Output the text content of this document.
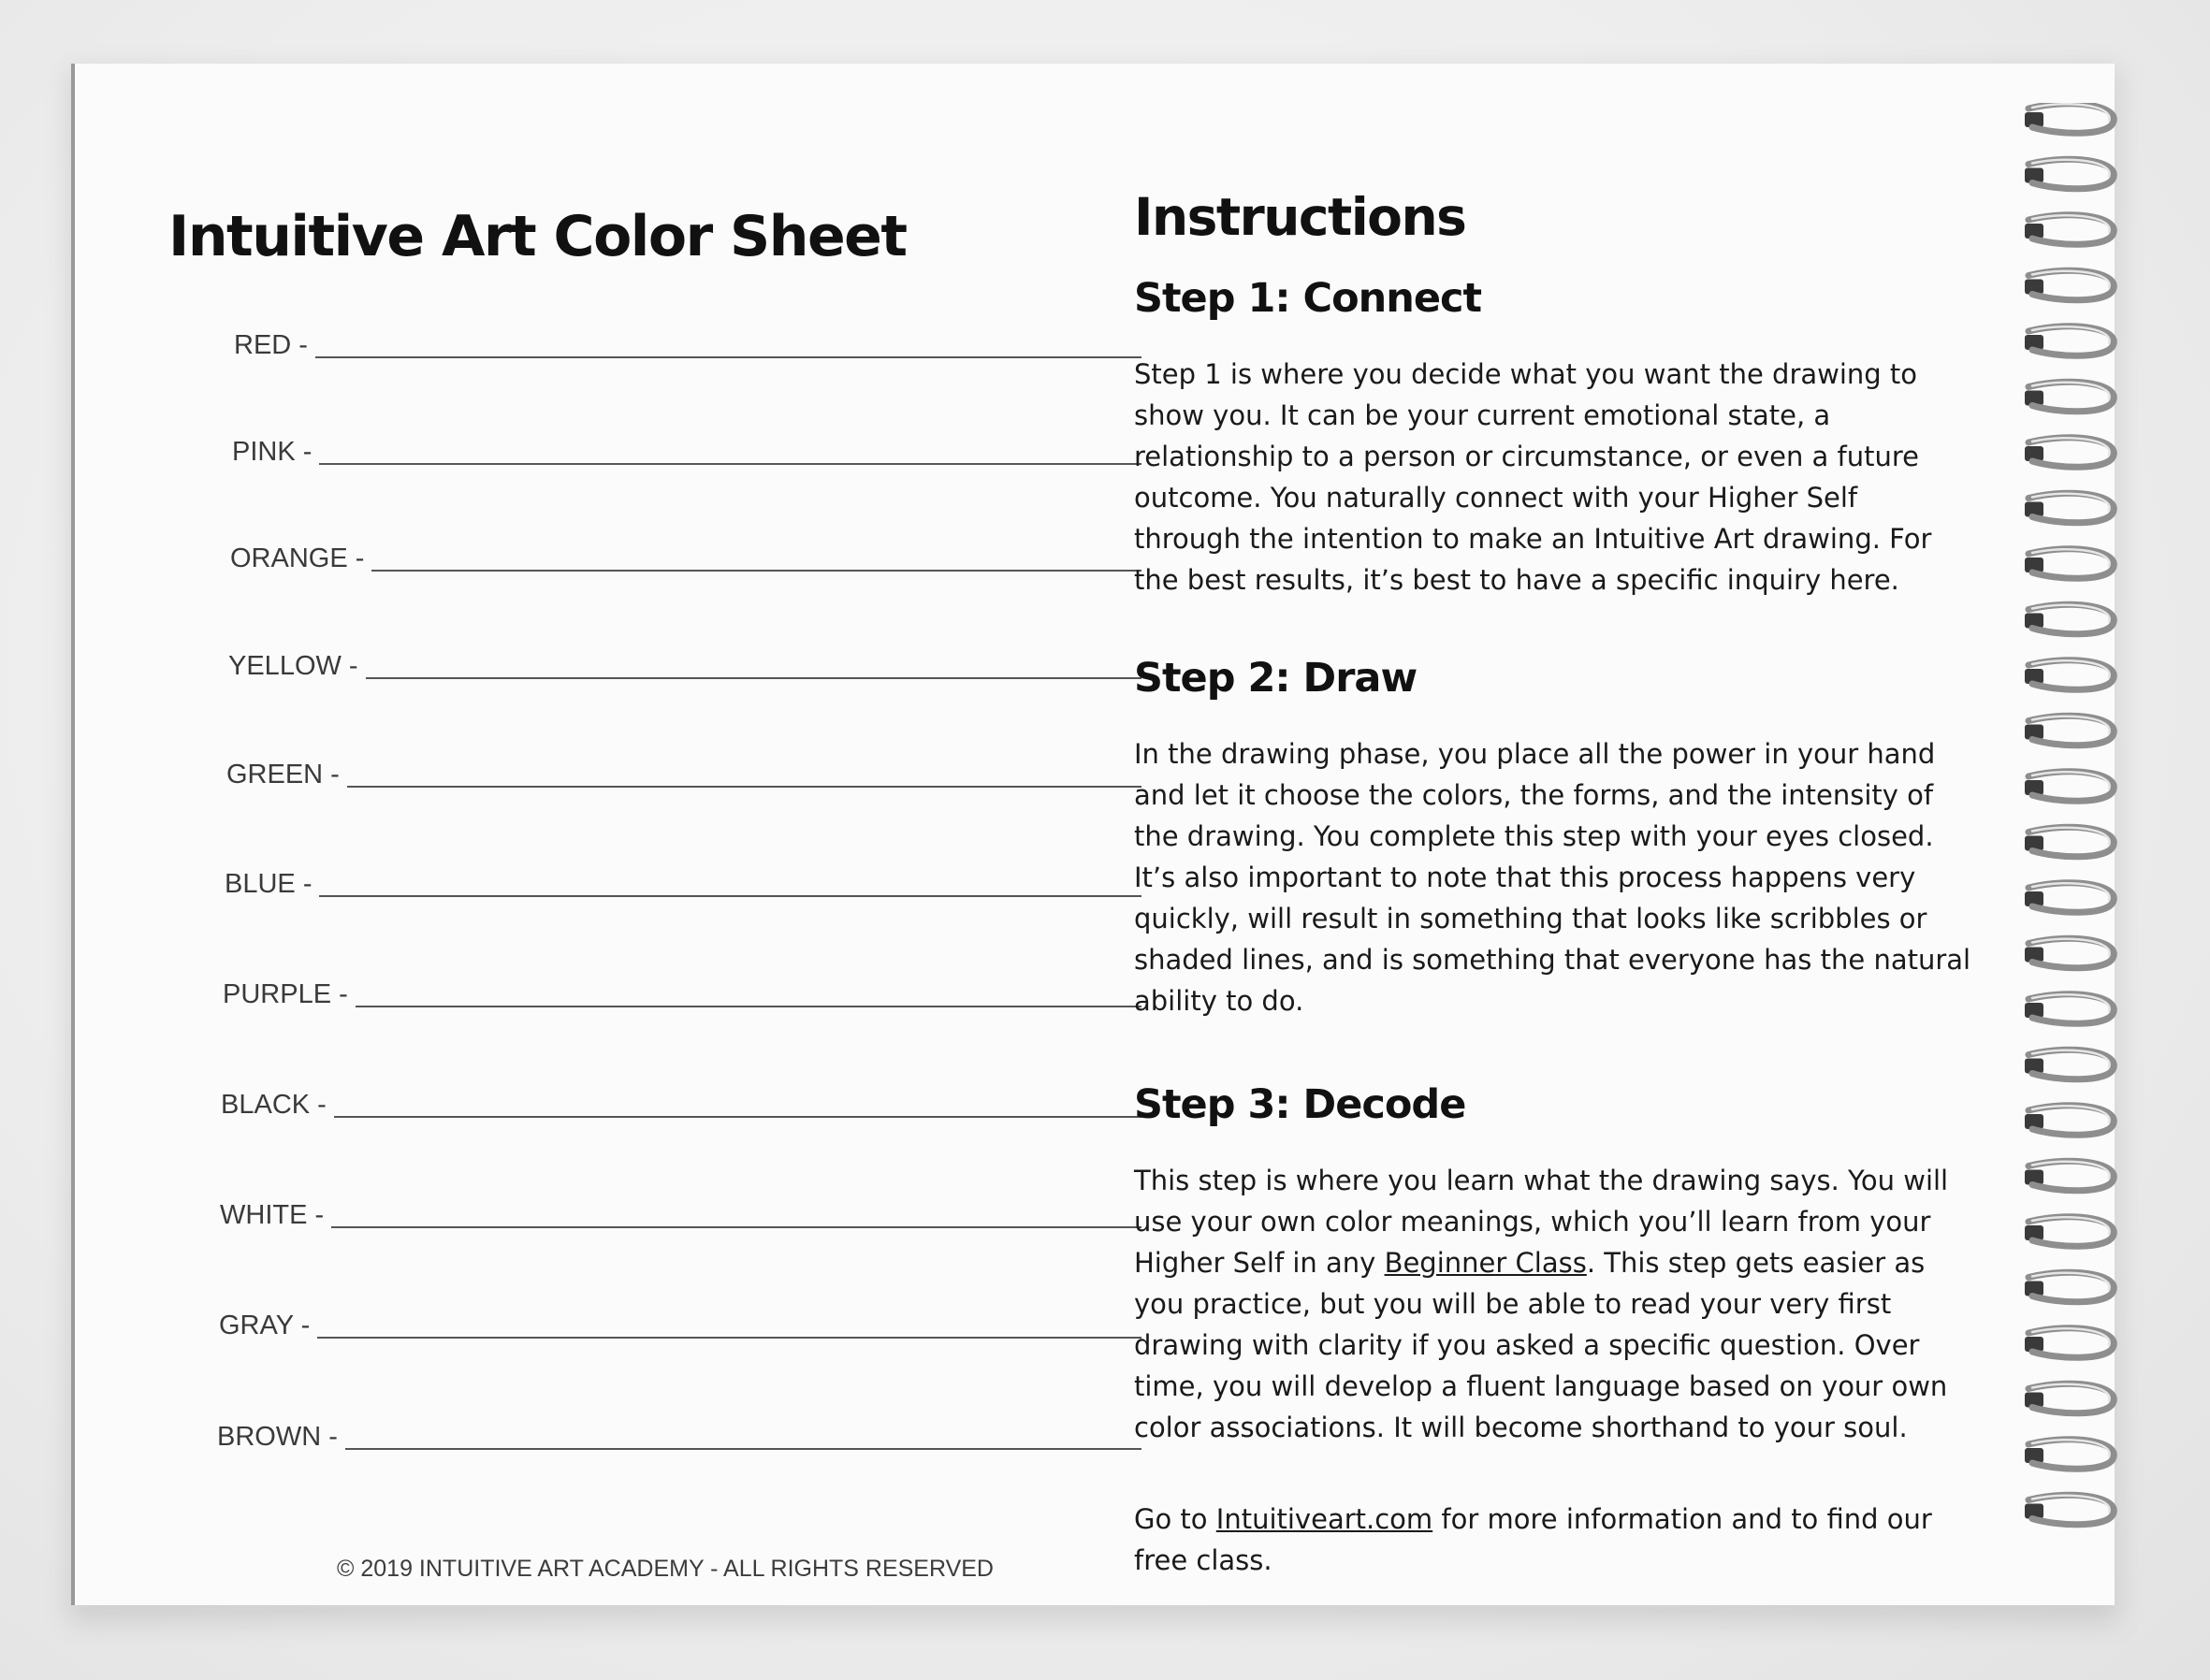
Intuitive Art Color Sheet
RED -
PINK -
ORANGE -
YELLOW -
GREEN -
BLUE -
PURPLE -
BLACK -
WHITE -
GRAY -
BROWN -
© 2019 INTUITIVE ART ACADEMY - ALL RIGHTS RESERVED
Instructions
Step 1: Connect
Step 1 is where you decide what you want the drawing to
show you. It can be your current emotional state, a
relationship to a person or circumstance, or even a future
outcome. You naturally connect with your Higher Self
through the intention to make an Intuitive Art drawing. For
the best results, it’s best to have a specific inquiry here.
Step 2: Draw
In the drawing phase, you place all the power in your hand
and let it choose the colors, the forms, and the intensity of
the drawing. You complete this step with your eyes closed.
It’s also important to note that this process happens very
quickly, will result in something that looks like scribbles or
shaded lines, and is something that everyone has the natural
ability to do.
Step 3: Decode
This step is where you learn what the drawing says. You will
use your own color meanings, which you’ll learn from your
Higher Self in any Beginner Class. This step gets easier as
you practice, but you will be able to read your very first
drawing with clarity if you asked a specific question. Over
time, you will develop a fluent language based on your own
color associations. It will become shorthand to your soul.
Go to Intuitiveart.com for more information and to find our
free class.
